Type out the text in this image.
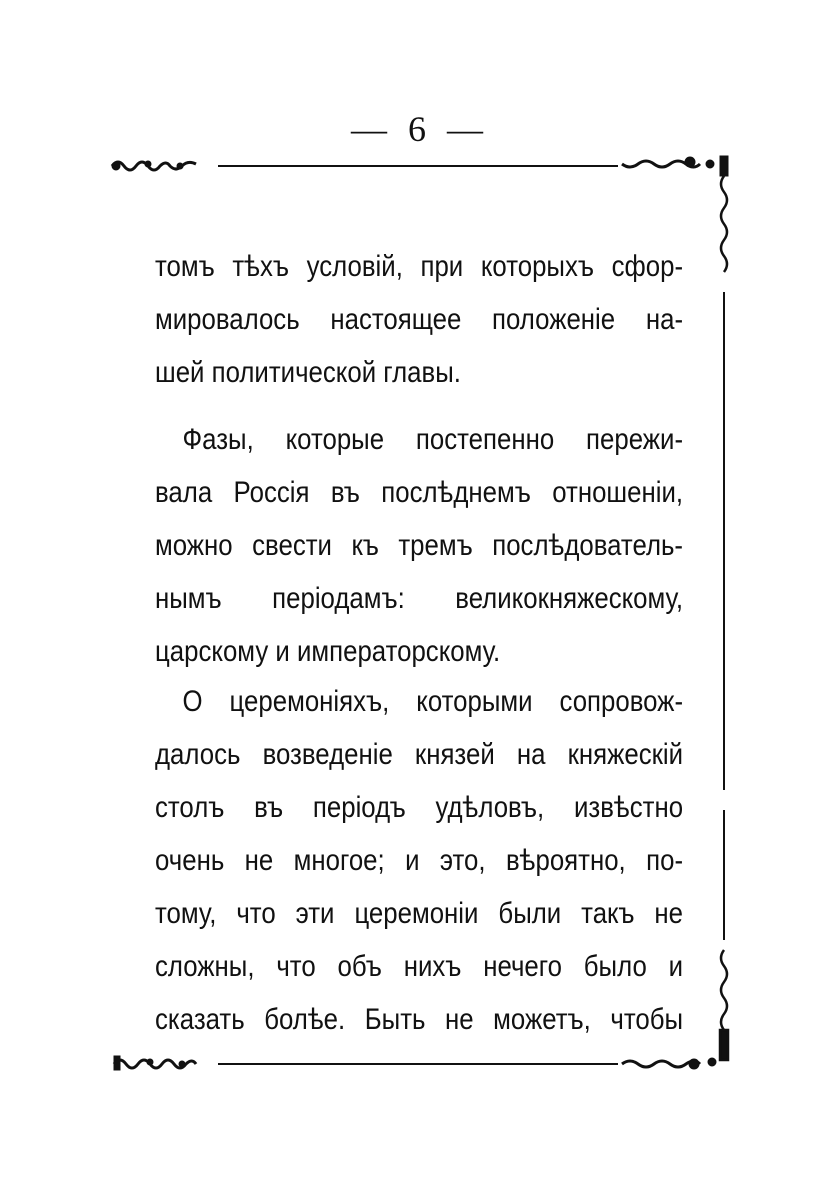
— 6 —
томъ тѣхъ условій, при которыхъ сфор-
мировалось настоящее положеніе на-
шей политической главы.
Фазы, которые постепенно пережи-
вала Россія въ послѣднемъ отношеніи,
можно свести къ тремъ послѣдователь-
нымъ періодамъ: великокняжескому,
царскому и императорскому.
О церемоніяхъ, которыми сопровож-
далось возведеніе князей на княжескій
столъ въ періодъ удѣловъ, извѣстно
очень не многое; и это, вѣроятно, по-
тому, что эти церемоніи были такъ не
сложны, что объ нихъ нечего было и
сказать болѣе. Быть не можетъ, чтобы
